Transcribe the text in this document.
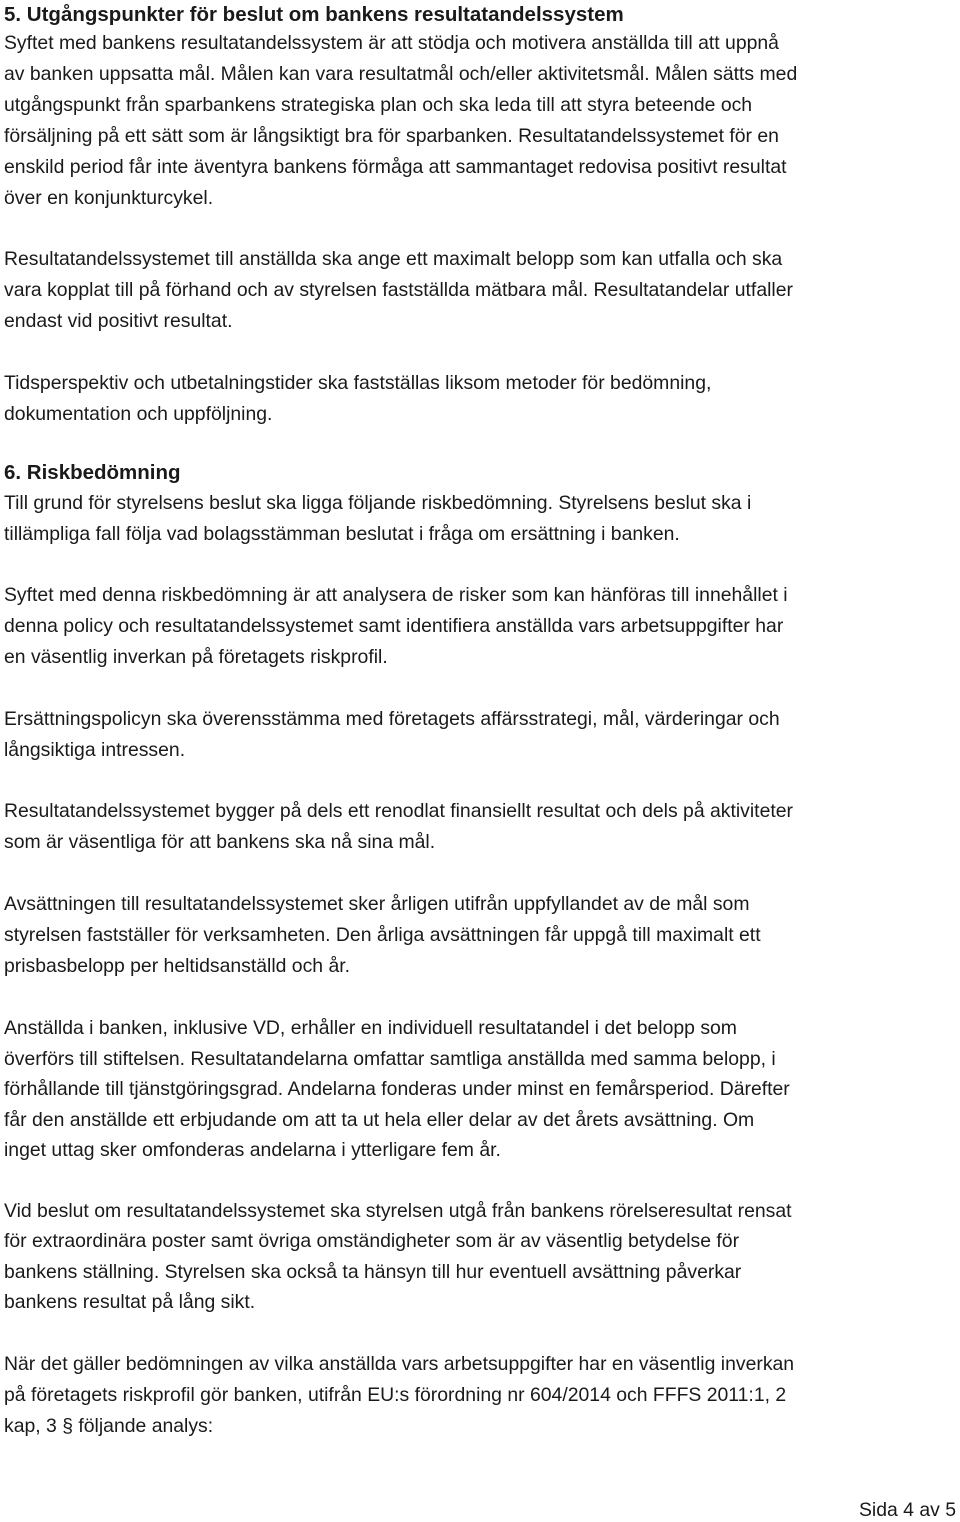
5. Utgångspunkter för beslut om bankens resultatandelssystem

Syftet med bankens resultatandelssystem är att stödja och motivera anställda till att uppnå
av banken uppsatta mål. Målen kan vara resultatmål och/eller aktivitetsmål. Målen sätts med
utgångspunkt från sparbankens strategiska plan och ska leda till att styra beteende och
försäljning på ett sätt som är långsiktigt bra för sparbanken. Resultatandelssystemet för en
enskild period får inte äventyra bankens förmåga att sammantaget redovisa positivt resultat
över en konjunkturcykel.

Resultatandelssystemet till anställda ska ange ett maximalt belopp som kan utfalla och ska
vara kopplat till på förhand och av styrelsen fastställda mätbara mål. Resultatandelar utfaller
endast vid positivt resultat.

Tidsperspektiv och utbetalningstider ska fastställas liksom metoder för bedömning,
dokumentation och uppföljning.

6. Riskbedömning

Till grund för styrelsens beslut ska ligga följande riskbedömning. Styrelsens beslut ska i
tillämpliga fall följa vad bolagsstämman beslutat i fråga om ersättning i banken.

Syftet med denna riskbedömning är att analysera de risker som kan hänföras till innehållet i
denna policy och resultatandelssystemet samt identifiera anställda vars arbetsuppgifter har
en väsentlig inverkan på företagets riskprofil.

Ersättningspolicyn ska överensstämma med företagets affärsstrategi, mål, värderingar och
långsiktiga intressen.

Resultatandelssystemet bygger på dels ett renodlat finansiellt resultat och dels på aktiviteter
som är väsentliga för att bankens ska nå sina mål.

Avsättningen till resultatandelssystemet sker årligen utifrån uppfyllandet av de mål som
styrelsen fastställer för verksamheten. Den årliga avsättningen får uppgå till maximalt ett
prisbasbelopp per heltidsanställd och år.

Anställda i banken, inklusive VD, erhåller en individuell resultatandel i det belopp som
överförs till stiftelsen. Resultatandelarna omfattar samtliga anställda med samma belopp, i
förhållande till tjänstgöringsgrad. Andelarna fonderas under minst en femårsperiod. Därefter
får den anställde ett erbjudande om att ta ut hela eller delar av det årets avsättning. Om
inget uttag sker omfonderas andelarna i ytterligare fem år.

Vid beslut om resultatandelssystemet ska styrelsen utgå från bankens rörelseresultat rensat
för extraordinära poster samt övriga omständigheter som är av väsentlig betydelse för
bankens ställning. Styrelsen ska också ta hänsyn till hur eventuell avsättning påverkar
bankens resultat på lång sikt.

När det gäller bedömningen av vilka anställda vars arbetsuppgifter har en väsentlig inverkan
på företagets riskprofil gör banken, utifrån EU:s förordning nr 604/2014 och FFFS 2011:1, 2
kap, 3 § följande analys:

Sida 4 av 5
